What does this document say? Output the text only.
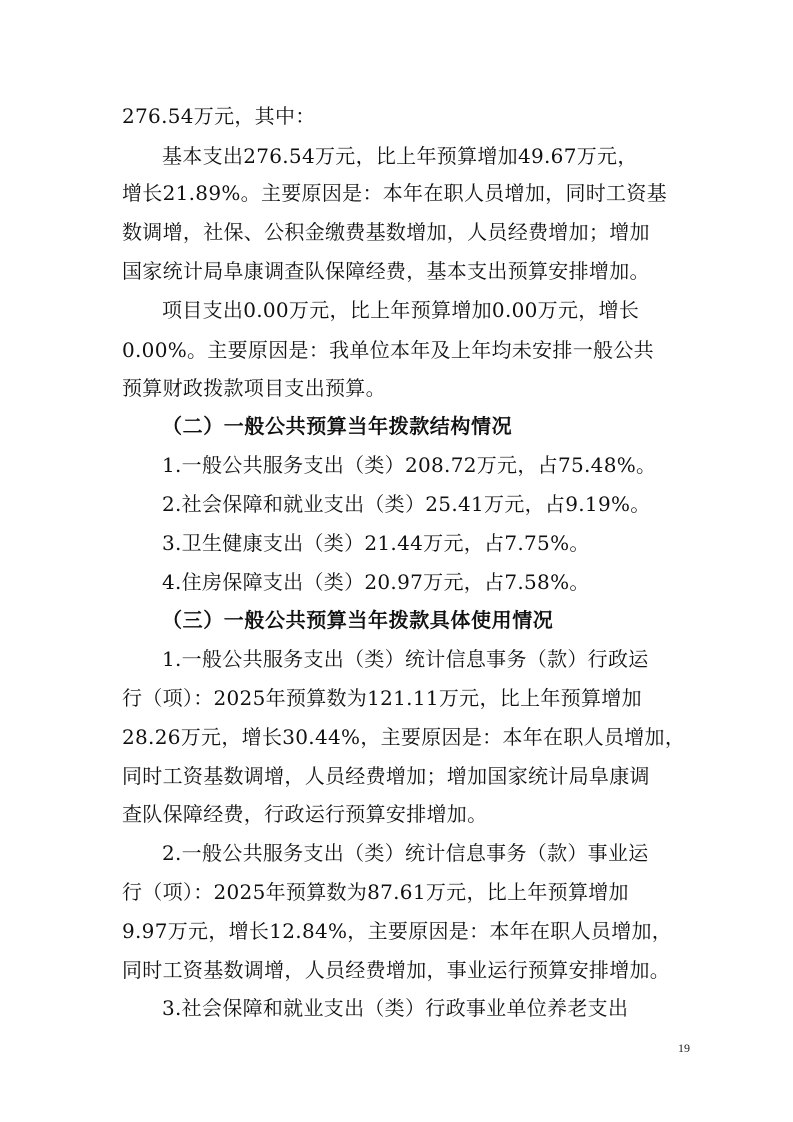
276.54万元，其中：
基本支出276.54万元，比上年预算增加49.67万元，
增长21.89%。主要原因是：本年在职人员增加，同时工资基
数调增，社保、公积金缴费基数增加，人员经费增加；增加
国家统计局阜康调查队保障经费，基本支出预算安排增加。
项目支出0.00万元，比上年预算增加0.00万元，增长
0.00%。主要原因是：我单位本年及上年均未安排一般公共
预算财政拨款项目支出预算。
（二）一般公共预算当年拨款结构情况
1.一般公共服务支出（类）208.72万元，占75.48%。
2.社会保障和就业支出（类）25.41万元，占9.19%。
3.卫生健康支出（类）21.44万元，占7.75%。
4.住房保障支出（类）20.97万元，占7.58%。
（三）一般公共预算当年拨款具体使用情况
1.一般公共服务支出（类）统计信息事务（款）行政运
行（项）：2025年预算数为121.11万元，比上年预算增加
28.26万元，增长30.44%，主要原因是：本年在职人员增加，
同时工资基数调增，人员经费增加；增加国家统计局阜康调
查队保障经费，行政运行预算安排增加。
2.一般公共服务支出（类）统计信息事务（款）事业运
行（项）：2025年预算数为87.61万元，比上年预算增加
9.97万元，增长12.84%，主要原因是：本年在职人员增加，
同时工资基数调增，人员经费增加，事业运行预算安排增加。
3.社会保障和就业支出（类）行政事业单位养老支出
19
